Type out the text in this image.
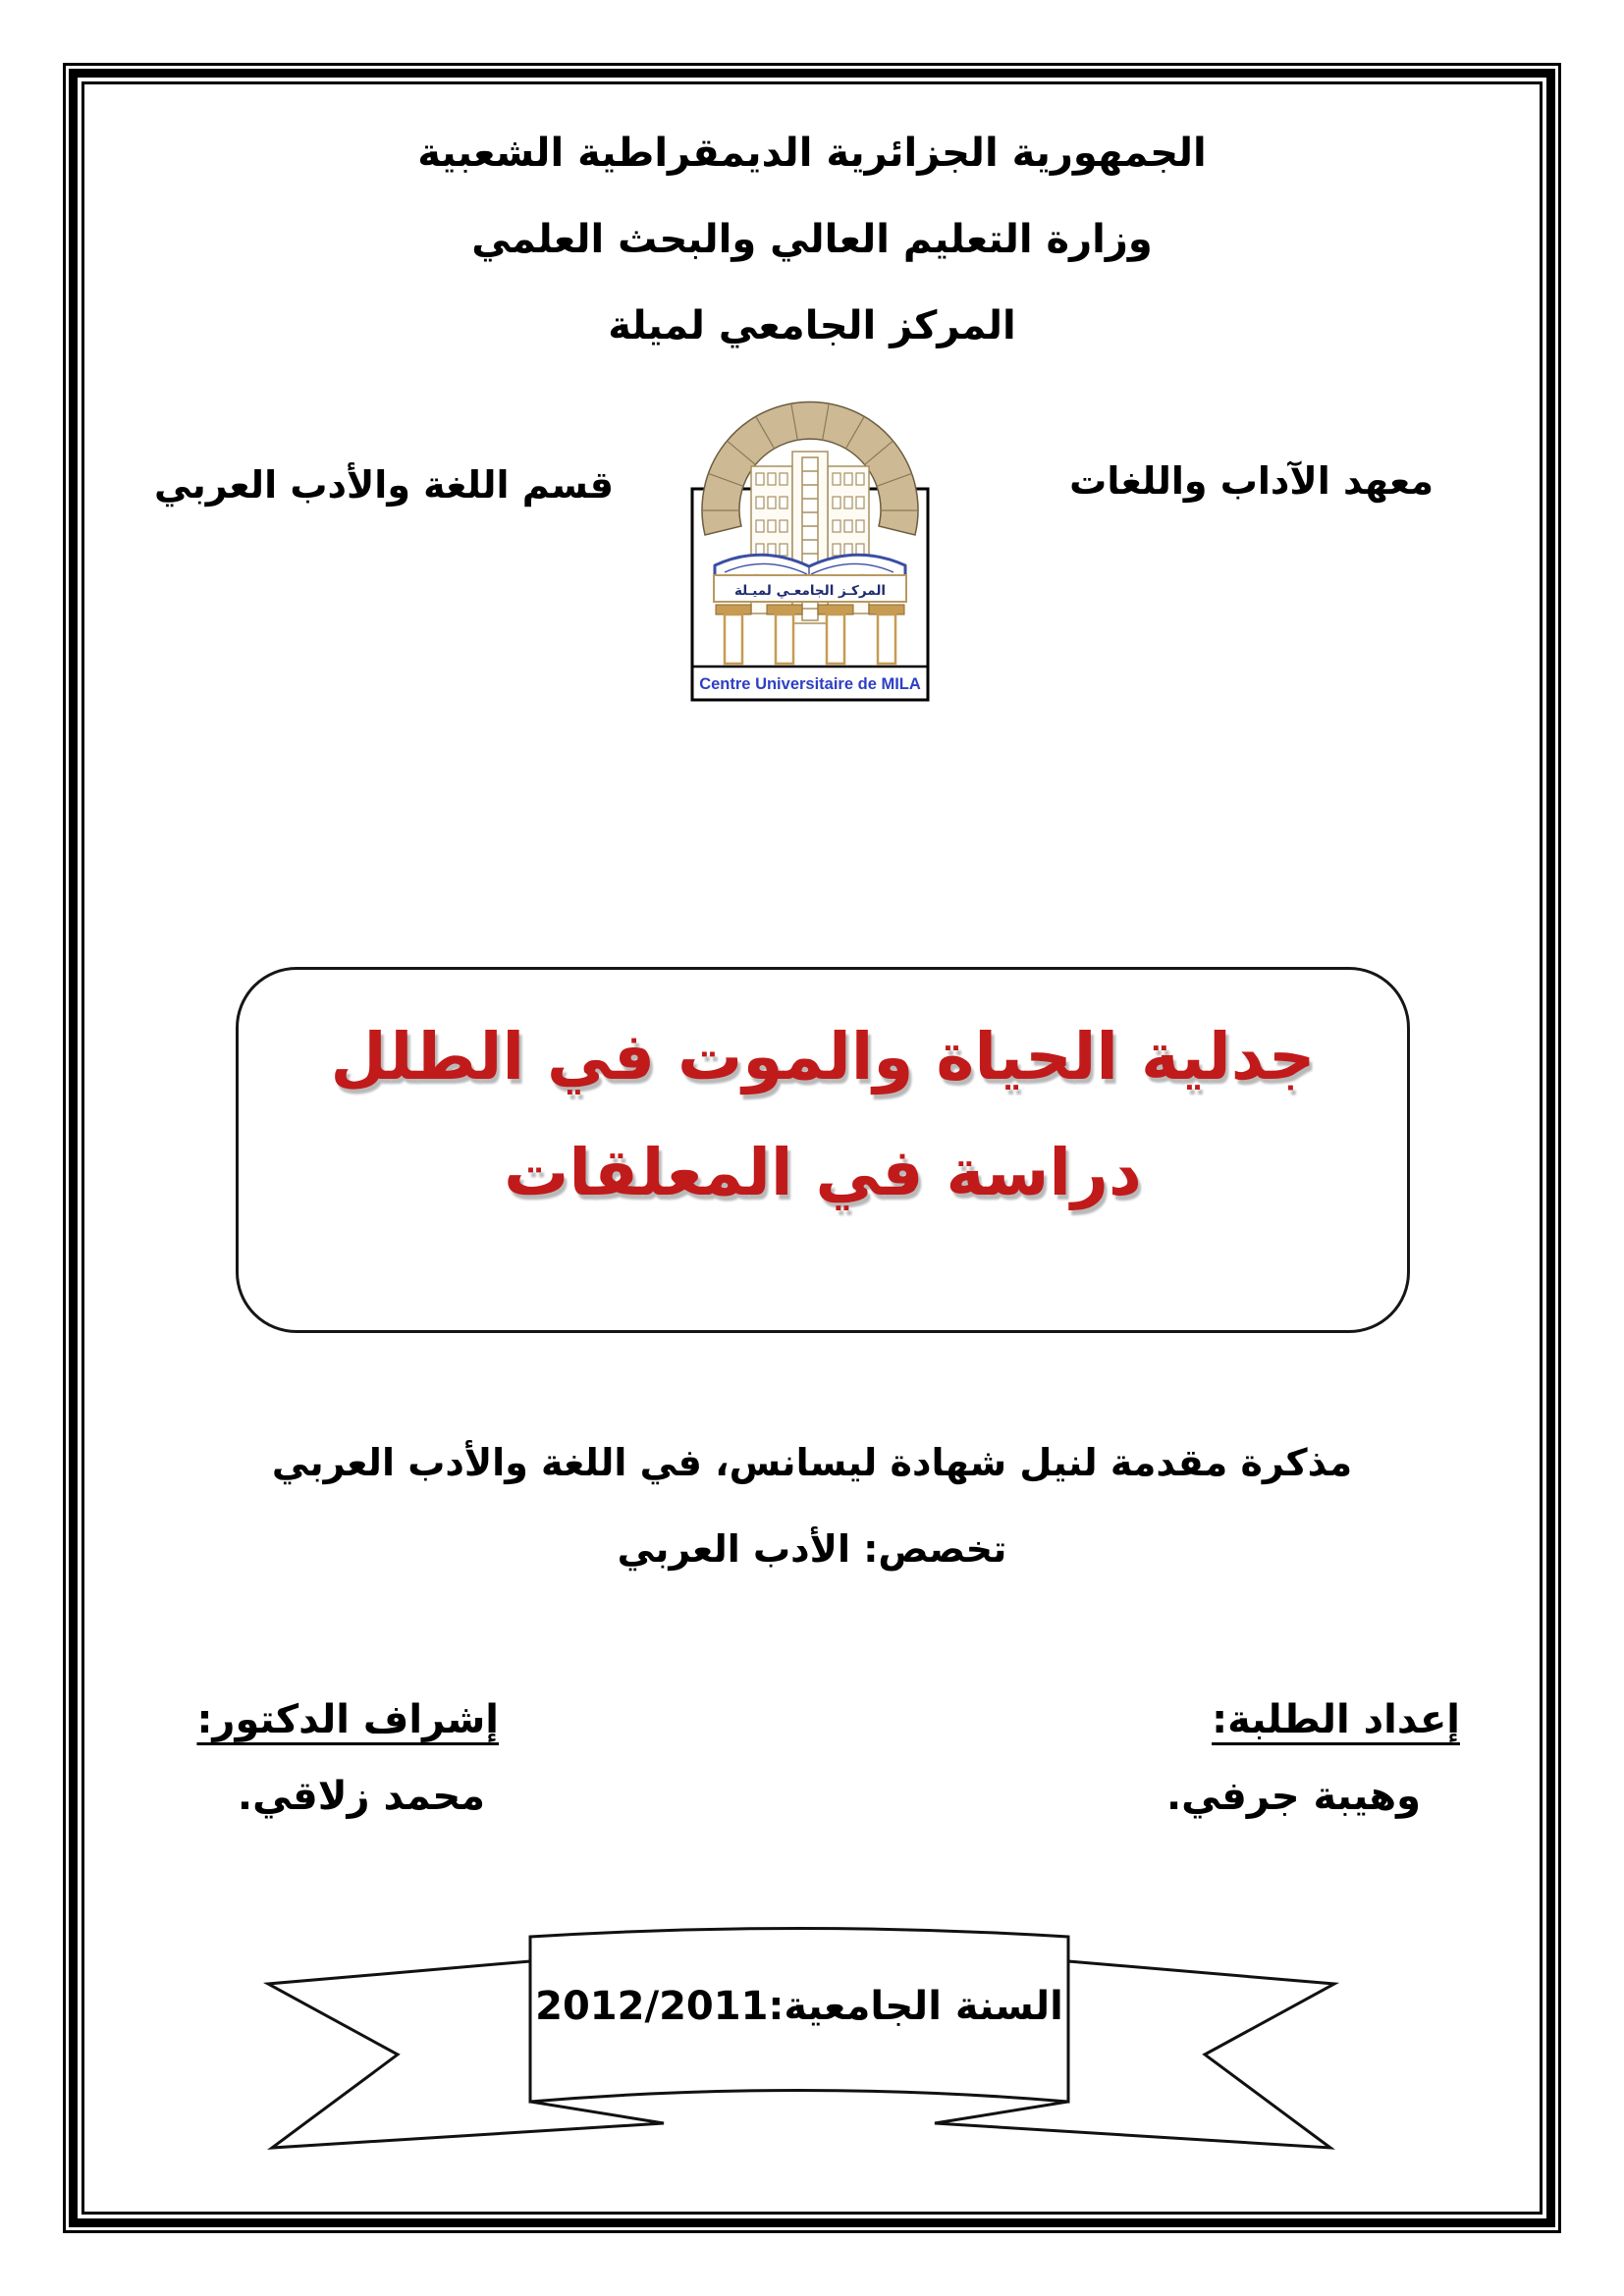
الجمهورية الجزائرية الديمقراطية الشعبية
وزارة التعليم العالي والبحث العلمي
المركز الجامعي لميلة
معهد الآداب واللغات
قسم اللغة والأدب العربي
المركـز الجامعـي لميـلة
Centre Universitaire de MILA
جدلية الحياة والموت في الطلل
دراسة في المعلقات
مذكرة مقدمة لنيل شهادة ليسانس، في اللغة والأدب العربي
تخصص: الأدب العربي
إعداد الطلبة:
وهيبة جرفي.
إشراف الدكتور:
محمد زلاقي.
السنة الجامعية:2012/2011
